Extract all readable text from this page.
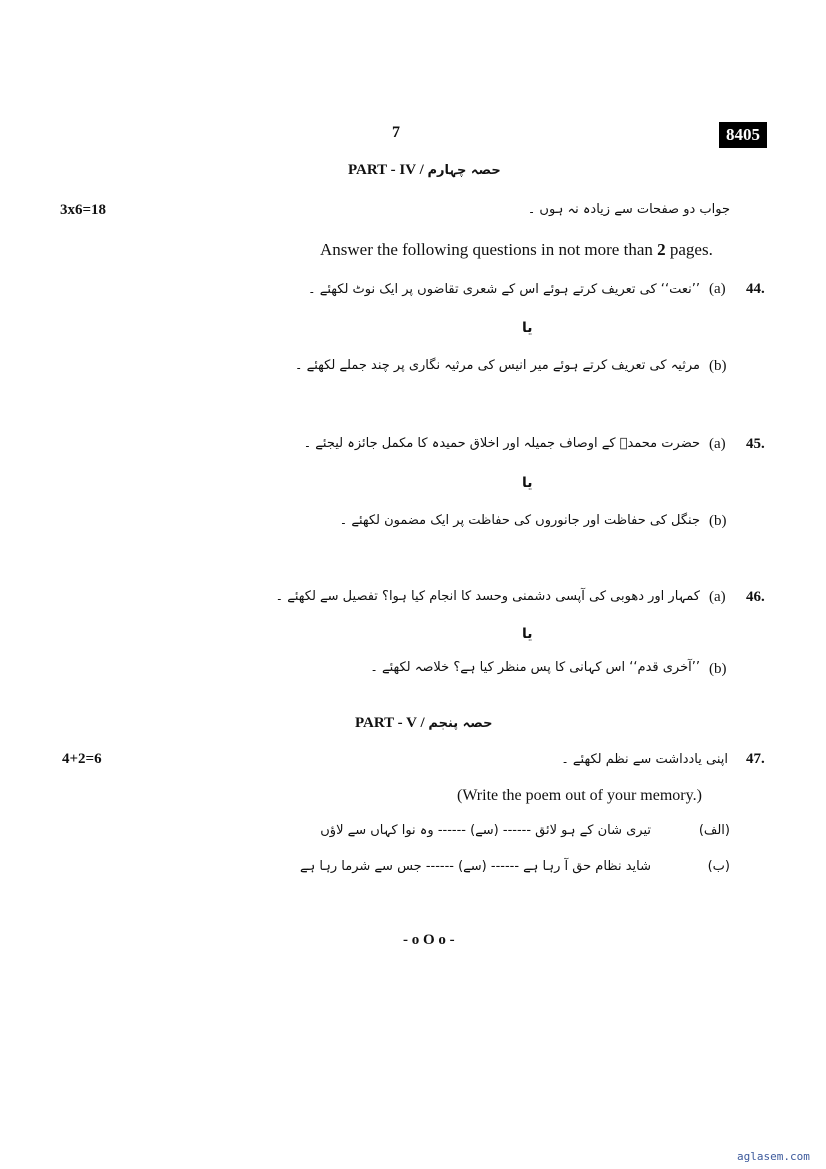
7	8405
PART - IV / حصہ چہارم
3x6=18	جواب دو صفحات سے زیادہ نہ ہوں ۔
Answer the following questions in not more than 2 pages.
44.
(a)
’’نعت‘‘ کی تعریف کرتے ہوئے اس کے شعری تقاضوں پر ایک نوٹ لکھئے ۔
یا
(b)
مرثیہ کی تعریف کرتے ہوئے میر انیس کی مرثیہ نگاری پر چند جملے لکھئے ۔
45.
(a)
حضرت محمدؐ کے اوصاف جمیلہ اور اخلاق حمیدہ کا مکمل جائزہ لیجئے ۔
یا
(b)
جنگل کی حفاظت اور جانوروں کی حفاظت پر ایک مضمون لکھئے ۔
46.
(a)
کمہار اور دھوبی کی آپسی دشمنی وحسد کا انجام کیا ہوا؟ تفصیل سے لکھئے ۔
یا
(b)
’’آخری قدم‘‘ اس کہانی کا پس منظر کیا ہے؟ خلاصہ لکھئے ۔
PART - V / حصہ پنجم
4+2=6	47.
اپنی یادداشت سے نظم لکھئے ۔
(Write the poem out of your memory.)
(الف)
تیری شان کے ہو لائق ------ (سے) ------ وہ نوا کہاں سے لاؤں
(ب)
شاید نظام حق آ رہا ہے ------ (سے) ------ جس سے شرما رہا ہے
- o O o -
aglasem.com
